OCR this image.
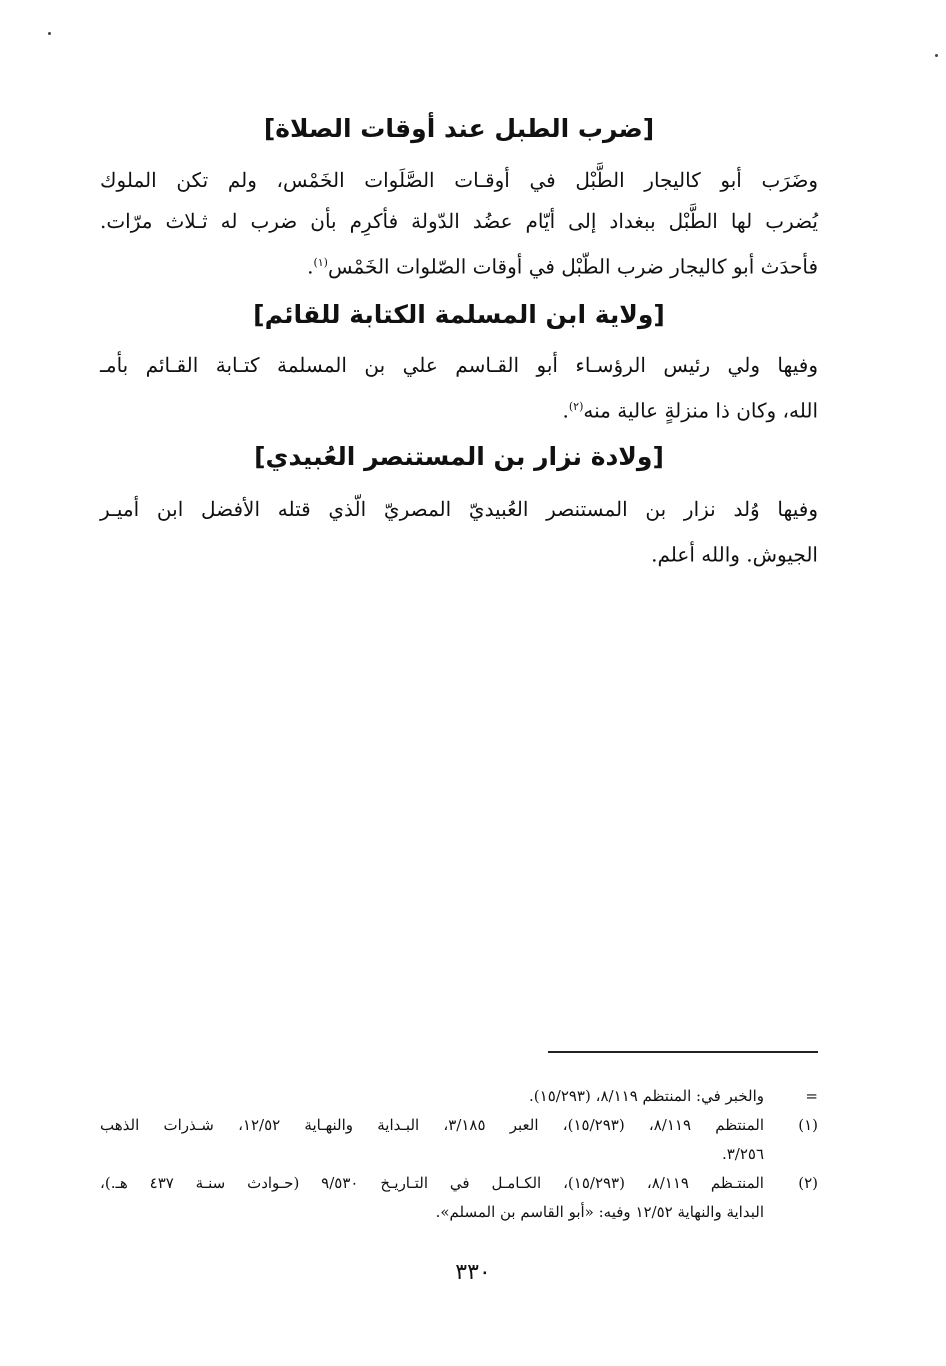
[ضرب الطبل عند أوقات الصلاة]
وضَرَب أبو كاليجار الطَّبْل في أوقـات الصَّلَوات الخَمْس، ولم تكن الملوك
يُضرب لها الطَّبْل ببغداد إلى أيّام عضُد الدّولة فأكرِم بأن ضرب له ثـلاث مرّات.
فأحدَث أبو كاليجار ضرب الطّبْل في أوقات الصّلوات الخَمْس$^{(١)}$.
[ولاية ابن المسلمة الكتابة للقائم]
وفيها ولي رئيس الرؤسـاء أبو القـاسم علي بن المسلمة كتـابة القـائم بأمـ
الله، وكان ذا منزلةٍ عالية منه$^{(٢)}$.
[ولادة نزار بن المستنصر العُبيدي]
وفيها وُلد نزار بن المستنصر العُبيديّ المصريّ الّذي قتله الأفضل ابن أميـر
الجيوش. والله أعلم.
=
والخبر في: المنتظم ٨/١١٩، (١٥/٢٩٣).
(١)
المنتظم ٨/١١٩، (١٥/٢٩٣)، العبر ٣/١٨٥، البـداية والنهـاية ١٢/٥٢، شـذرات الذهب
٣/٢٥٦.
(٢)
المنتـظم ٨/١١٩، (١٥/٢٩٣)، الكـامـل في التـاريـخ ٩/٥٣٠ (حـوادث سنـة ٤٣٧ هـ.)،
البداية والنهاية ١٢/٥٢ وفيه: «أبو القاسم بن المسلم».
٣٣٠
